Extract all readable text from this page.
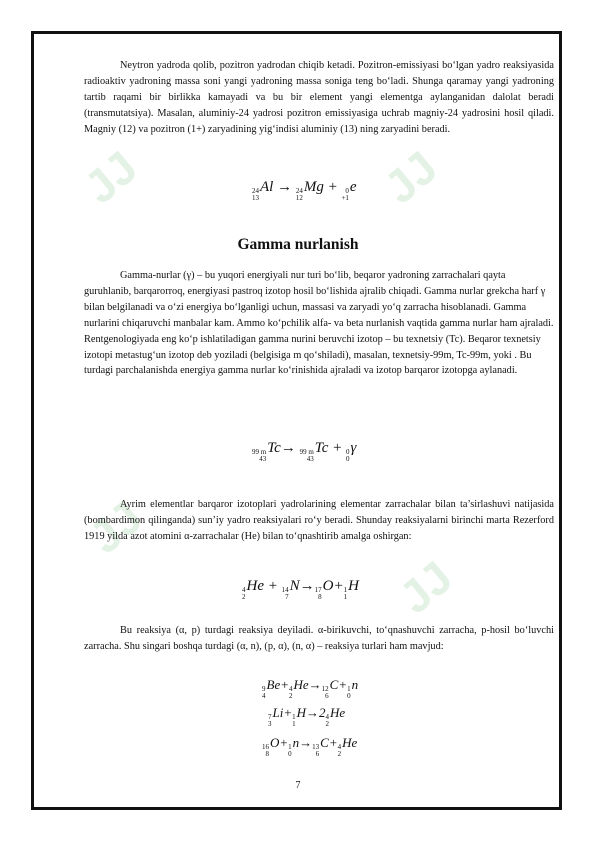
JJ	JJ
JJ
JJ

Neytron yadroda qolib, pozitron yadrodan chiqib ketadi. Pozitron-emissiyasi bo‘lgan yadro reaksiyasida radioaktiv yadroning massa soni yangi yadroning massa soniga teng bo‘ladi. Shunga qaramay yangi yadroning tartib raqami bir birlikka kamayadi va bu bir element yangi elementga aylanganidan dalolat beradi (transmutatsiya). Masalan, aluminiy-24 yadrosi pozitron emissiyasiga uchrab magniy-24 yadrosini hosil qiladi. Magniy (12) va pozitron (1+) zaryadining yig‘indisi aluminiy (13) ning zaryadini beradi.

24
13
Al → 24
12
Mg + 0
+1
e
Gamma nurlanish

Gamma-nurlar (γ) – bu yuqori energiyali nur turi bo‘lib, beqaror yadroning zarrachalari qayta guruhlanib, barqarorroq, energiyasi pastroq izotop hosil bo‘lishida ajralib chiqadi. Gamma nurlar grekcha harf γ bilan belgilanadi va o‘zi energiya bo‘lganligi uchun, massasi va zaryadi yo‘q zarracha hisoblanadi. Gamma nurlarini chiqaruvchi manbalar kam. Ammo ko‘pchilik alfa- va beta nurlanish vaqtida gamma nurlar ham ajraladi. Rentgenologiyada eng ko‘p ishlatiladigan gamma nurini beruvchi izotop – bu texnetsiy (Tc). Beqaror texnetsiy izotopi metastug‘un izotop deb yoziladi (belgisiga m qo‘shiladi), masalan, texnetsiy-99m, Tc-99m, yoki . Bu turdagi parchalanishda energiya gamma nurlar ko‘rinishida ajraladi va izotop barqaror izotopga aylanadi.

99 m
43
Tc→ 99 m
43
Tc + 0
0
γ

Ayrim elementlar barqaror izotoplari yadrolarining elementar zarrachalar bilan ta’sirlashuvi natijasida (bombardimon qilinganda) sun’iy yadro reaksiyalari ro‘y beradi. Shunday reaksiyalarni birinchi marta Rezerford 1919 yilda azot atomini α-zarrachalar (He) bilan to‘qnashtirib amalga oshirgan:

4
2
He + 14
7
N→ 17
8
O+ 1
1
H

Bu reaksiya (α, p) turdagi reaksiya deyiladi. α-birikuvchi, to‘qnashuvchi zarracha, p-hosil bo‘luvchi zarracha. Shu singari boshqa turdagi (α, n), (p, α), (n, α) – reaksiya turlari ham mavjud:

9
4
Be+ 4
2
He→ 12
6
C+ 1
0
n
7
3
Li+ 1
1
H→2 4
2
He
16
8
O+ 1
0
n→ 13
6
C+ 4
2
He
7
